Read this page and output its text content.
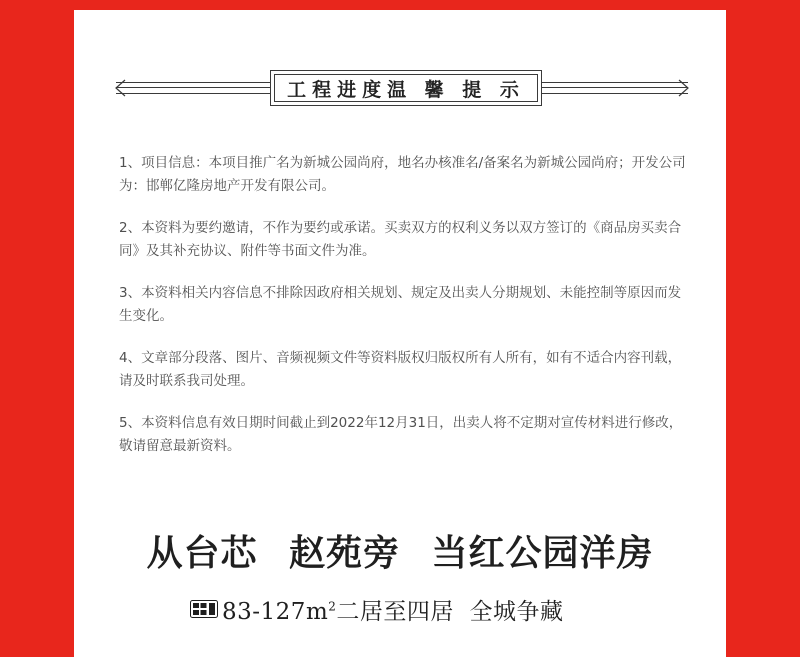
工程进度温 馨 提 示

1、项目信息：本项目推广名为新城公园尚府，地名办核准名/备案名为新城公园尚府；开发公司为：邯郸亿隆房地产开发有限公司。

2、本资料为要约邀请，不作为要约或承诺。买卖双方的权利义务以双方签订的《商品房买卖合同》及其补充协议、附件等书面文件为准。

3、本资料相关内容信息不排除因政府相关规划、规定及出卖人分期规划、未能控制等原因而发生变化。

4、文章部分段落、图片、音频视频文件等资料版权归版权所有人所有，如有不适合内容刊载，请及时联系我司处理。

5、本资料信息有效日期时间截止到2022年12月31日，出卖人将不定期对宣传材料进行修改，敬请留意最新资料。

从台芯 赵苑旁 当红公园洋房
$83-127m^2$二居至四居  全城争藏
